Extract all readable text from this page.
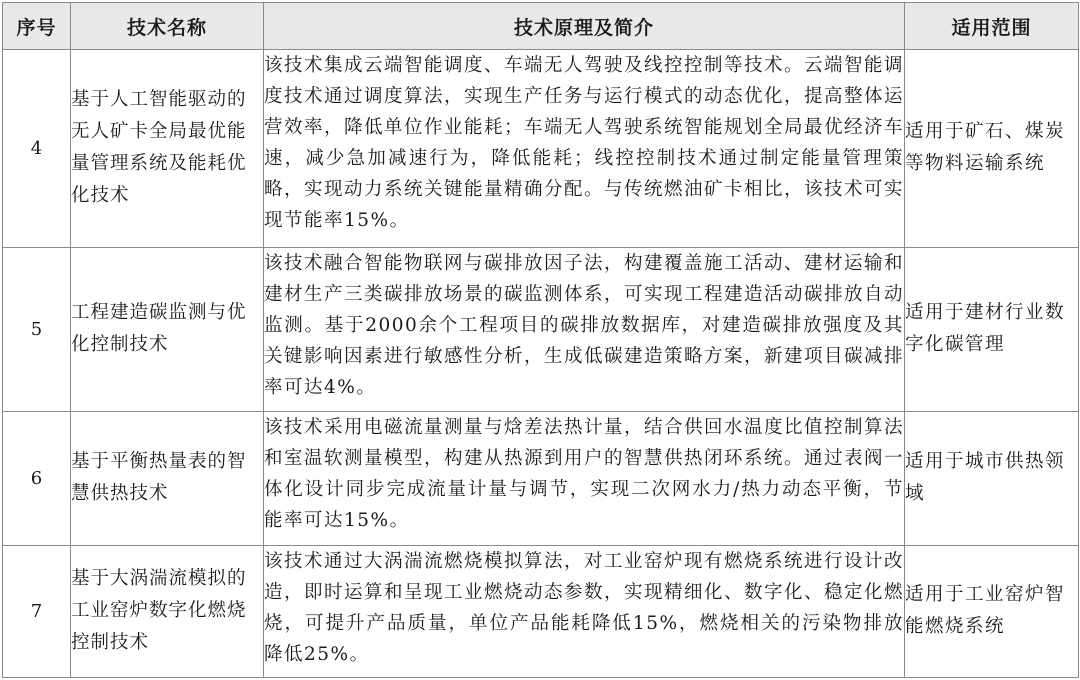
序号	技术名称	技术原理及简介	适用范围
4	基于人工智能驱动的无人矿卡全局最优能量管理系统及能耗优化技术	该技术集成云端智能调度、车端无人驾驶及线控控制等技术。云端智能调度技术通过调度算法，实现生产任务与运行模式的动态优化，提高整体运营效率，降低单位作业能耗；车端无人驾驶系统智能规划全局最优经济车速，减少急加减速行为，降低能耗；线控控制技术通过制定能量管理策略，实现动力系统关键能量精确分配。与传统燃油矿卡相比，该技术可实现节能率15%。	适用于矿石、煤炭等物料运输系统
5	工程建造碳监测与优化控制技术	该技术融合智能物联网与碳排放因子法，构建覆盖施工活动、建材运输和建材生产三类碳排放场景的碳监测体系，可实现工程建造活动碳排放自动监测。基于2000余个工程项目的碳排放数据库，对建造碳排放强度及其关键影响因素进行敏感性分析，生成低碳建造策略方案，新建项目碳减排率可达4%。	适用于建材行业数字化碳管理
6	基于平衡热量表的智慧供热技术	该技术采用电磁流量测量与焓差法热计量，结合供回水温度比值控制算法和室温软测量模型，构建从热源到用户的智慧供热闭环系统。通过表阀一体化设计同步完成流量计量与调节，实现二次网水力/热力动态平衡，节能率可达15%。	适用于城市供热领域
7	基于大涡湍流模拟的工业窑炉数字化燃烧控制技术	该技术通过大涡湍流燃烧模拟算法，对工业窑炉现有燃烧系统进行设计改造，即时运算和呈现工业燃烧动态参数，实现精细化、数字化、稳定化燃烧，可提升产品质量，单位产品能耗降低15%，燃烧相关的污染物排放降低25%。	适用于工业窑炉智能燃烧系统
